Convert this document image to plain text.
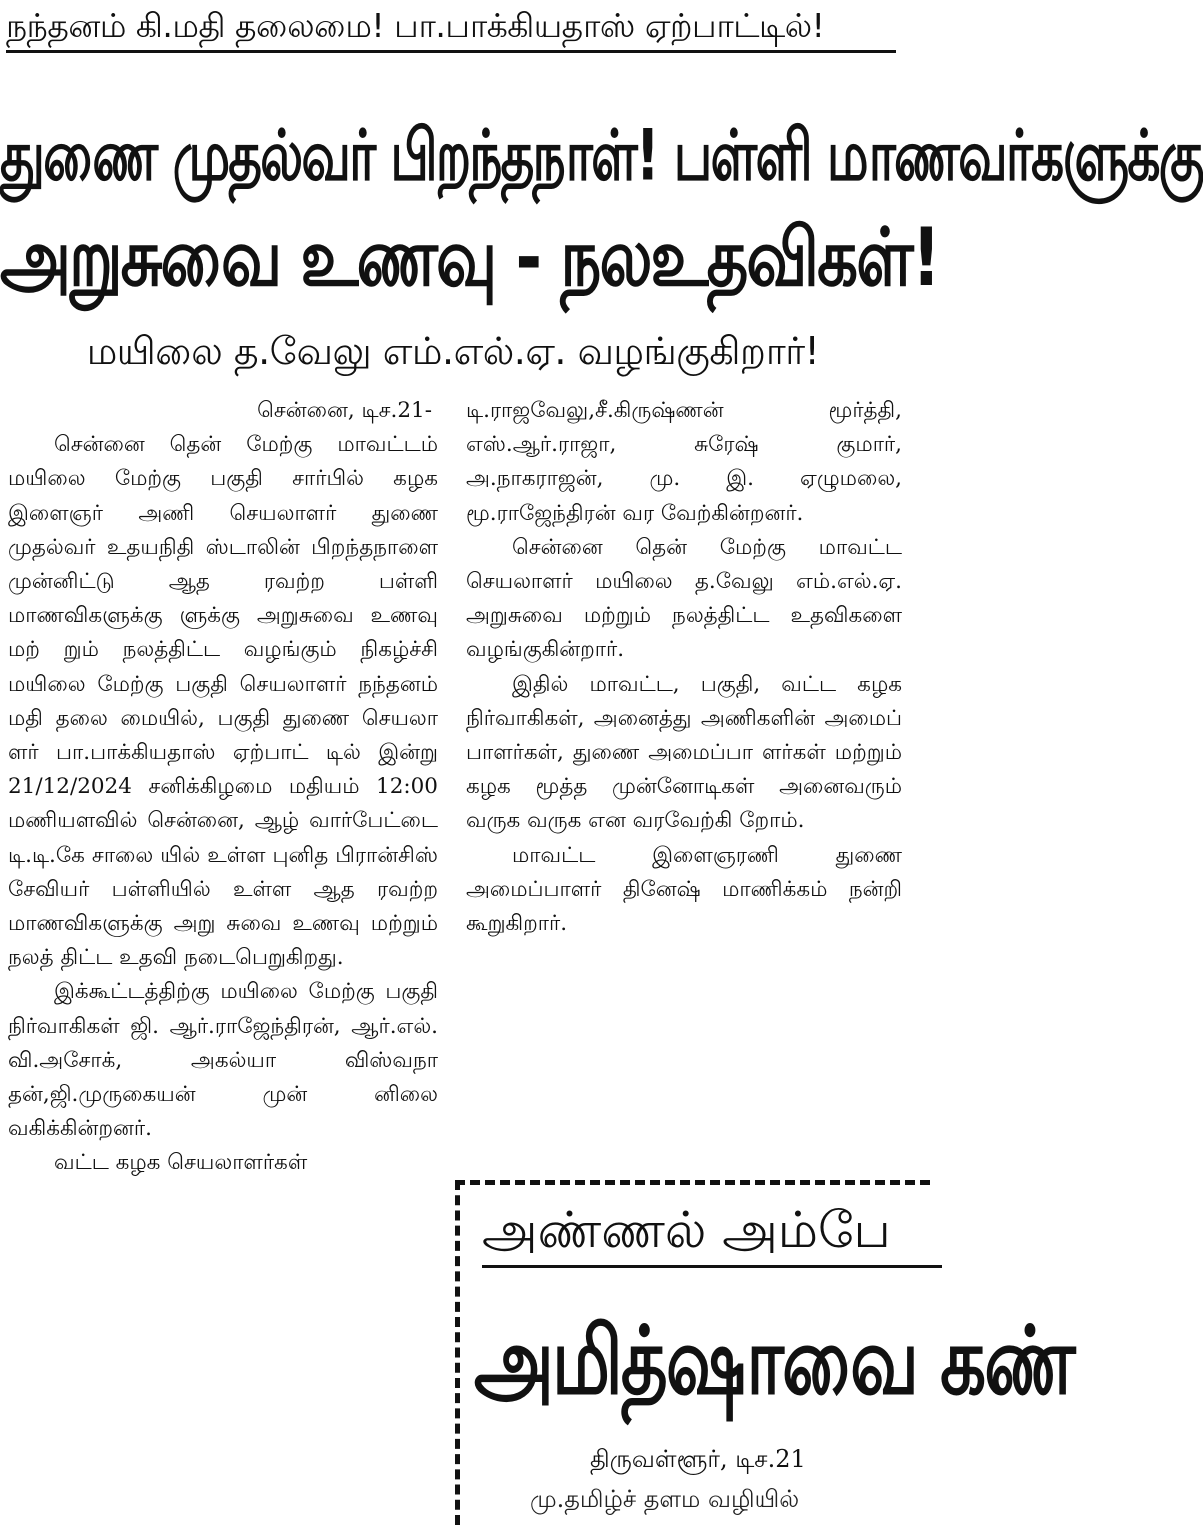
நந்தனம் கி.மதி தலைமை! பா.பாக்கியதாஸ் ஏற்பாட்டில்!
துணை முதல்வர் பிறந்தநாள்! பள்ளி மாணவர்களுக்கு
அறுசுவை உணவு - நலஉதவிகள்!
மயிலை த.வேலு எம்.எல்.ஏ. வழங்குகிறார்!
சென்னை, டிச.21-

சென்னை தென் மேற்கு மாவட்டம் மயிலை மேற்கு பகுதி சார்பில் கழக இளைஞர் அணி செயலாளர் துணை முதல்வர் உதயநிதி ஸ்டாலின் பிறந்தநாளை முன்னிட்டு ஆத ரவற்ற பள்ளி மாணவிகளுக்கு ளுக்கு அறுசுவை உணவு மற் றும் நலத்திட்ட வழங்கும் நிகழ்ச்சி மயிலை மேற்கு பகுதி செயலாளர் நந்தனம் மதி தலை மையில், பகுதி துணை செயலா ளர் பா.பாக்கியதாஸ் ஏற்பாட் டில் இன்று 21/12/2024 சனிக்கிழமை மதியம் 12:00 மணியளவில் சென்னை, ஆழ் வார்பேட்டை டி.டி.கே சாலை யில் உள்ள புனித பிரான்சிஸ் சேவியர் பள்ளியில் உள்ள ஆத ரவற்ற மாணவிகளுக்கு அறு சுவை உணவு மற்றும் நலத் திட்ட உதவி நடைபெறுகிறது.

இக்கூட்டத்திற்கு மயிலை மேற்கு பகுதி நிர்வாகிகள் ஜி. ஆர்.ராஜேந்திரன், ஆர்.எல். வி.அசோக், அகல்யா விஸ்வநா தன்,ஜி.முருகையன் முன் னிலை வகிக்கின்றனர்.

வட்ட கழக செயலாளர்கள்

டி.ராஜவேலு,சீ.கிருஷ்ணன் மூர்த்தி, எஸ்.ஆர்.ராஜா, சுரேஷ் குமார், அ.நாகராஜன், மு. இ. ஏழுமலை, மூ.ராஜேந்திரன் வர வேற்கின்றனர்.

சென்னை தென் மேற்கு மாவட்ட செயலாளர் மயிலை த.வேலு எம்.எல்.ஏ. அறுசுவை மற்றும் நலத்திட்ட உதவிகளை வழங்குகின்றார்.

இதில் மாவட்ட, பகுதி, வட்ட கழக நிர்வாகிகள், அனைத்து அணிகளின் அமைப் பாளர்கள், துணை அமைப்பா ளர்கள் மற்றும் கழக மூத்த முன்னோடிகள் அனைவரும் வருக வருக என வரவேற்கி றோம்.

மாவட்ட இளைஞரணி துணை அமைப்பாளர் தினேஷ் மாணிக்கம் நன்றி கூறுகிறார்.

அண்ணல் அம்பே
அமித்ஷாவை கண்
திருவள்ளூர், டிச.21
மு.தமிழ்ச் தளம வழியில்
